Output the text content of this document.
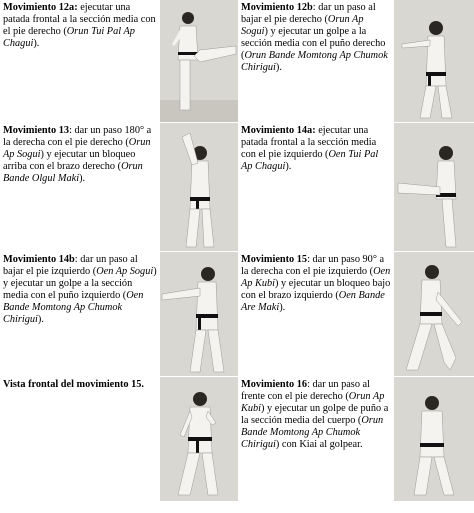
Movimiento 12a: ejecutar una patada frontal a la sección media con el pie derecho (Orun Tui Pal Ap Chagui).
Movimiento 12b: dar un paso al bajar el pie derecho (Orun Ap Sogui) y ejecutar un golpe a la sección media con el puño derecho (Orun Bande Momtong Ap Chumok Chirigui).
Movimiento 13: dar un paso 180° a la derecha con el pie derecho (Orun Ap Sogui) y ejecutar un bloqueo arriba con el brazo derecho (Orun Bande Olgul Maki).
Movimiento 14a: ejecutar una patada frontal a la sección media con el pie izquierdo (Oen Tui Pal Ap Chagui).
Movimiento 14b: dar un paso al bajar el pie izquierdo (Oen Ap Sogui) y ejecutar un golpe a la sección media con el puño izquierdo (Oen Bande Momtong Ap Chumok Chirigui).
Movimiento 15: dar un paso 90° a la derecha con el pie izquierdo (Oen Ap Kubi) y ejecutar un bloqueo bajo con el brazo izquierdo (Oen Bande Are Maki).
Vista frontal del movimiento 15.	Movimiento 16: dar un paso al frente con el pie derecho (Orun Ap Kubi) y ejecutar un golpe de puño a la sección media del cuerpo (Orun Bande Momtong Ap Chumok Chirigui) con Kiai al golpear.
